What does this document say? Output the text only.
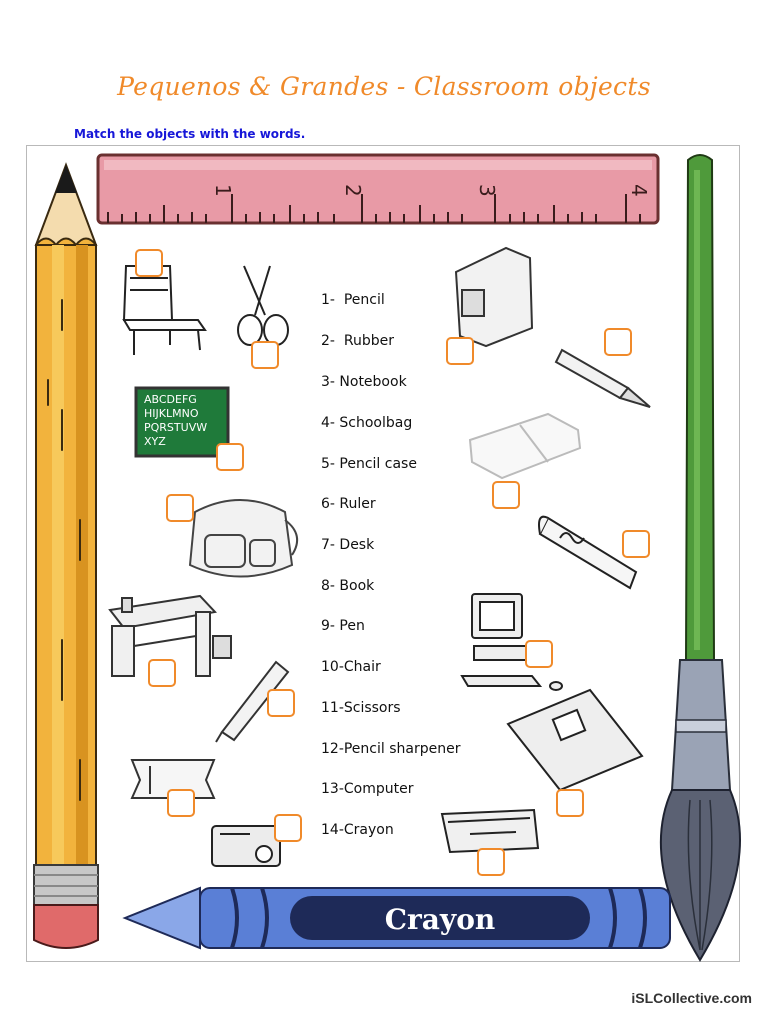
Pequenos & Grandes - Classroom objects
Match the objects with the words.
1	2	3	4
Crayon
ABCDEFG
HIJKLMNO
PQRSTUVW
XYZ
1-  Pencil
2-  Rubber
3- Notebook
4- Schoolbag
5- Pencil case
6- Ruler
7- Desk
8- Book
9- Pen
10-Chair
11-Scissors
12-Pencil sharpener
13-Computer
14-Crayon
iSLCollective.com
